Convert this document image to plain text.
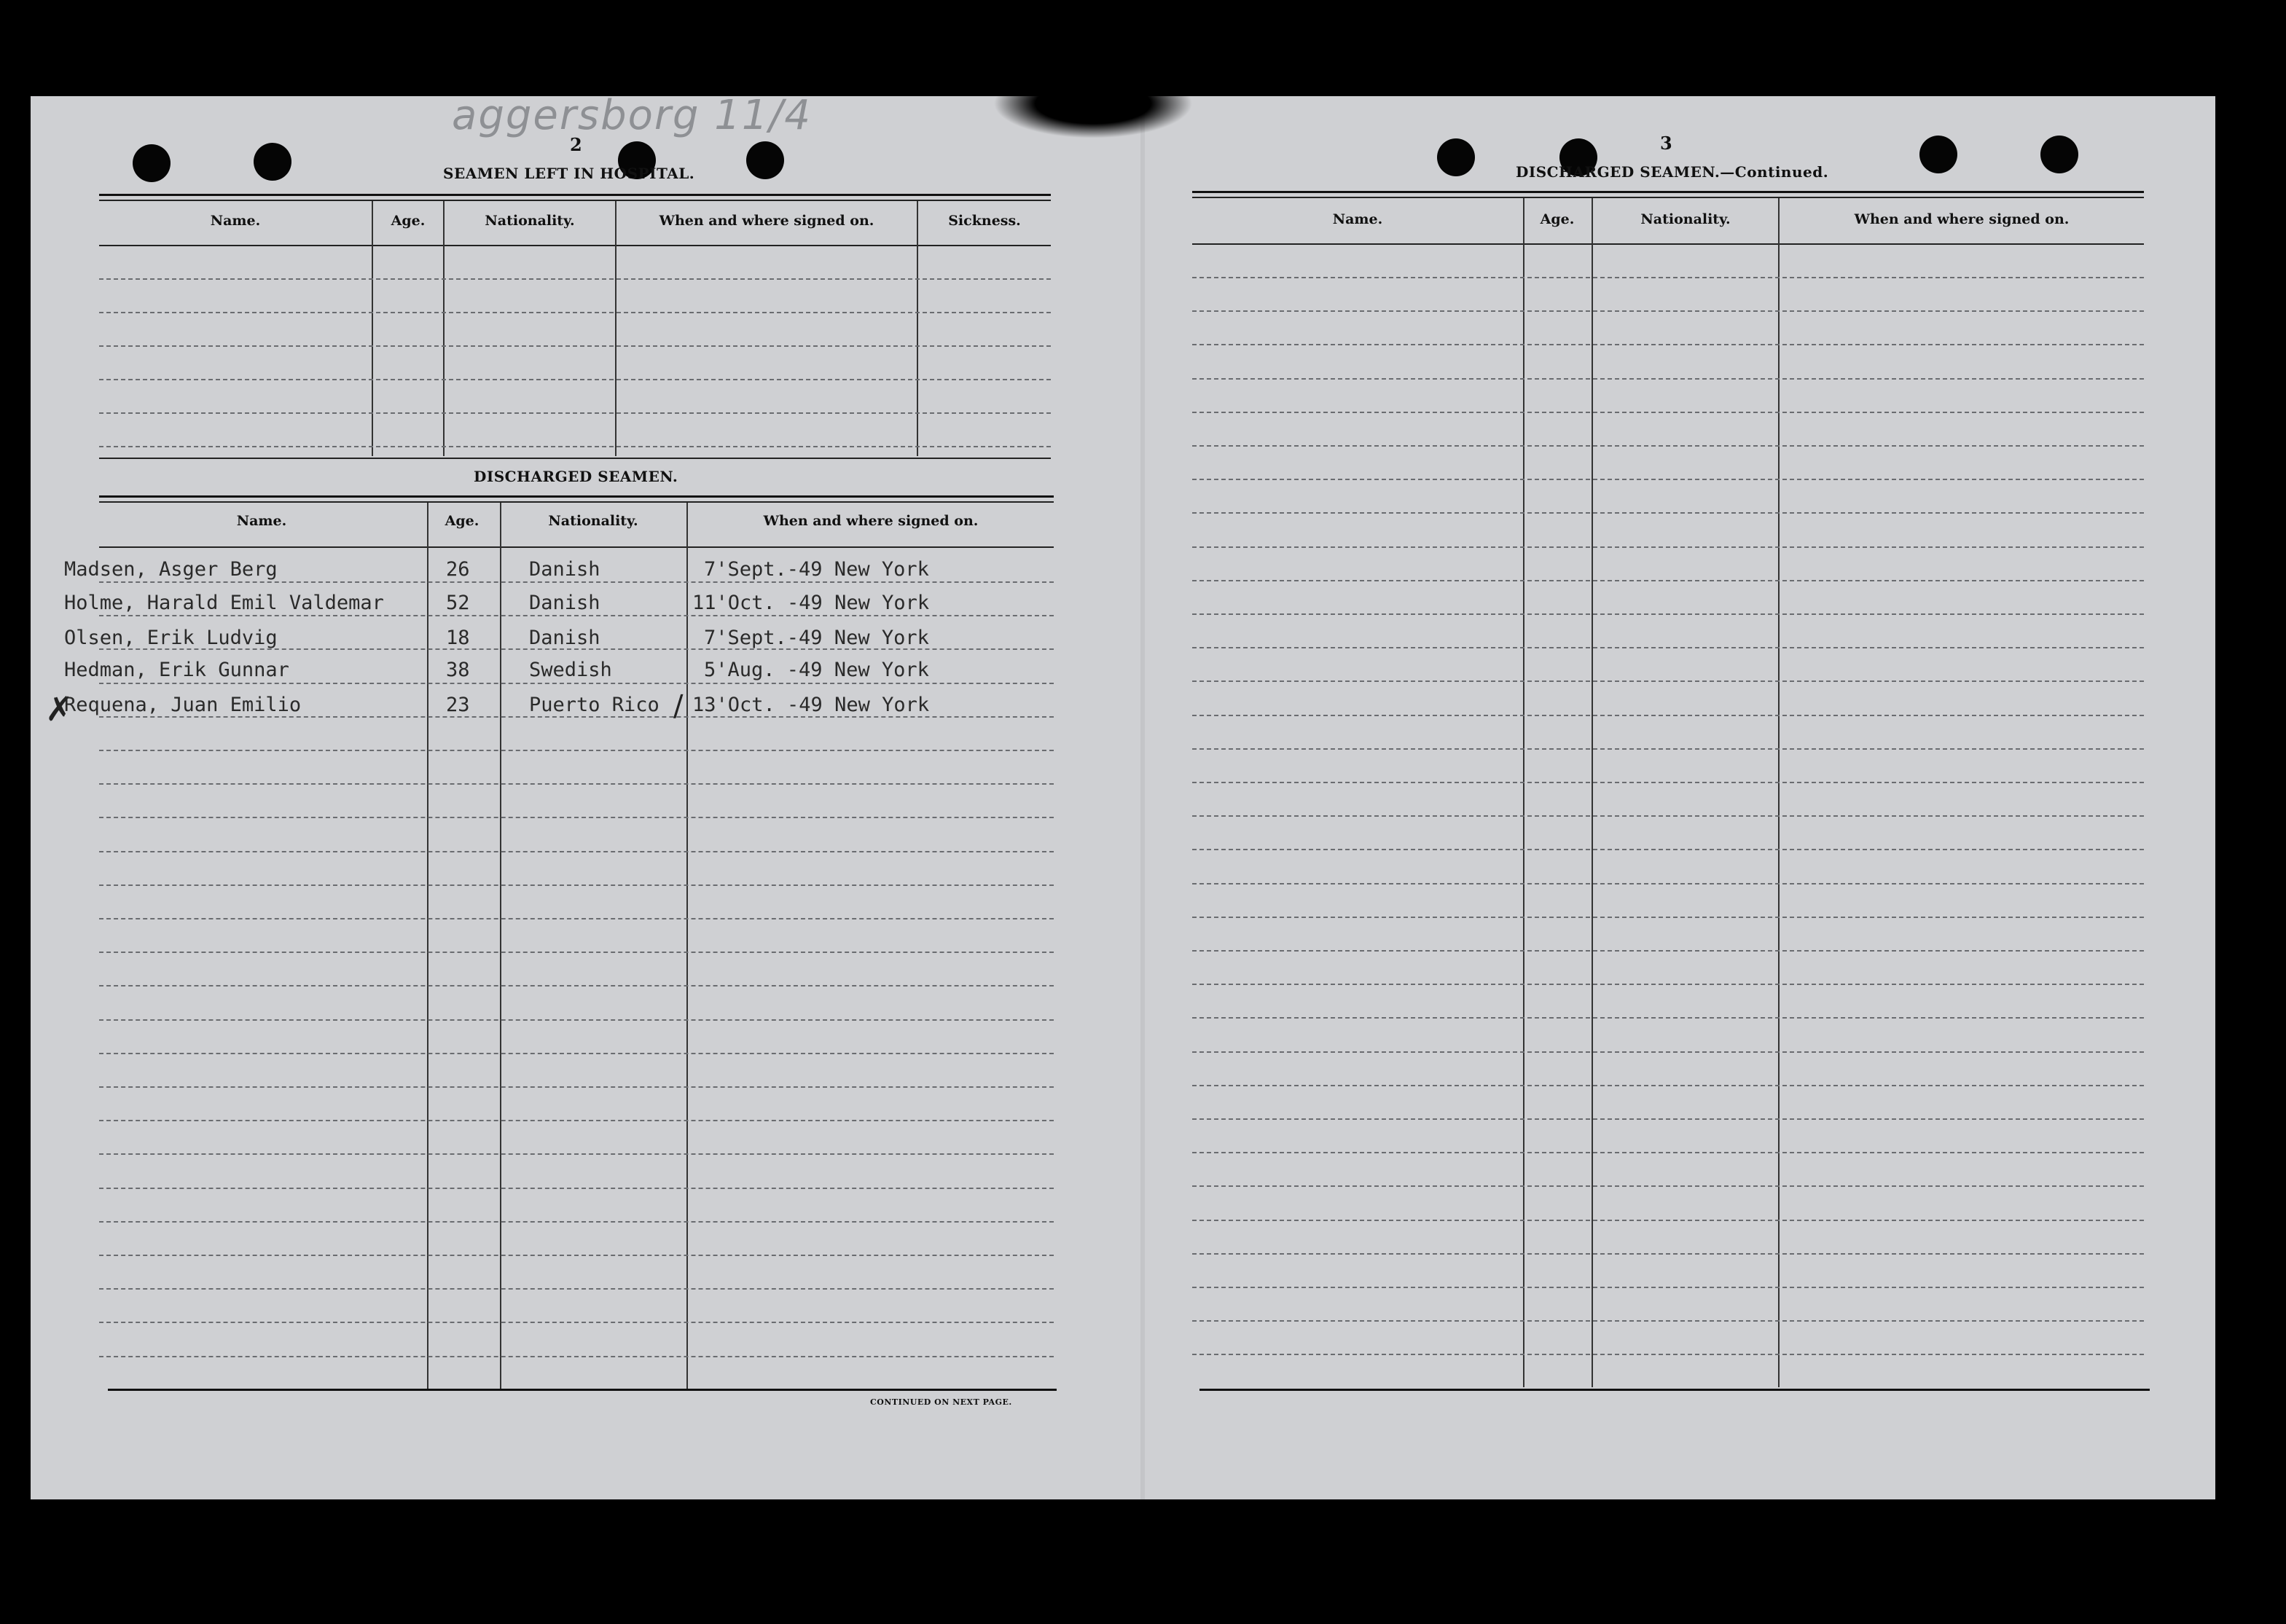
aggersborg 11/4
2
SEAMEN LEFT IN HOSPITAL.
Name.	Age.	Nationality.	When and where signed on.	Sickness.
DISCHARGED SEAMEN.
Name.	Age.	Nationality.	When and where signed on.
Madsen, Asger Berg	26	Danish	7'Sept.-49 New York
Holme, Harald Emil Valdemar	52	Danish	11'Oct. -49 New York
Olsen, Erik Ludvig	18	Danish	7'Sept.-49 New York
Hedman, Erik Gunnar	38	Swedish	5'Aug. -49 New York
Requena, Juan Emilio	23	Puerto Rico 13'Oct. -49 New York
✗	∕
CONTINUED ON NEXT PAGE.
3
DISCHARGED SEAMEN.—Continued.
Name.	Age.	Nationality.	When and where signed on.
